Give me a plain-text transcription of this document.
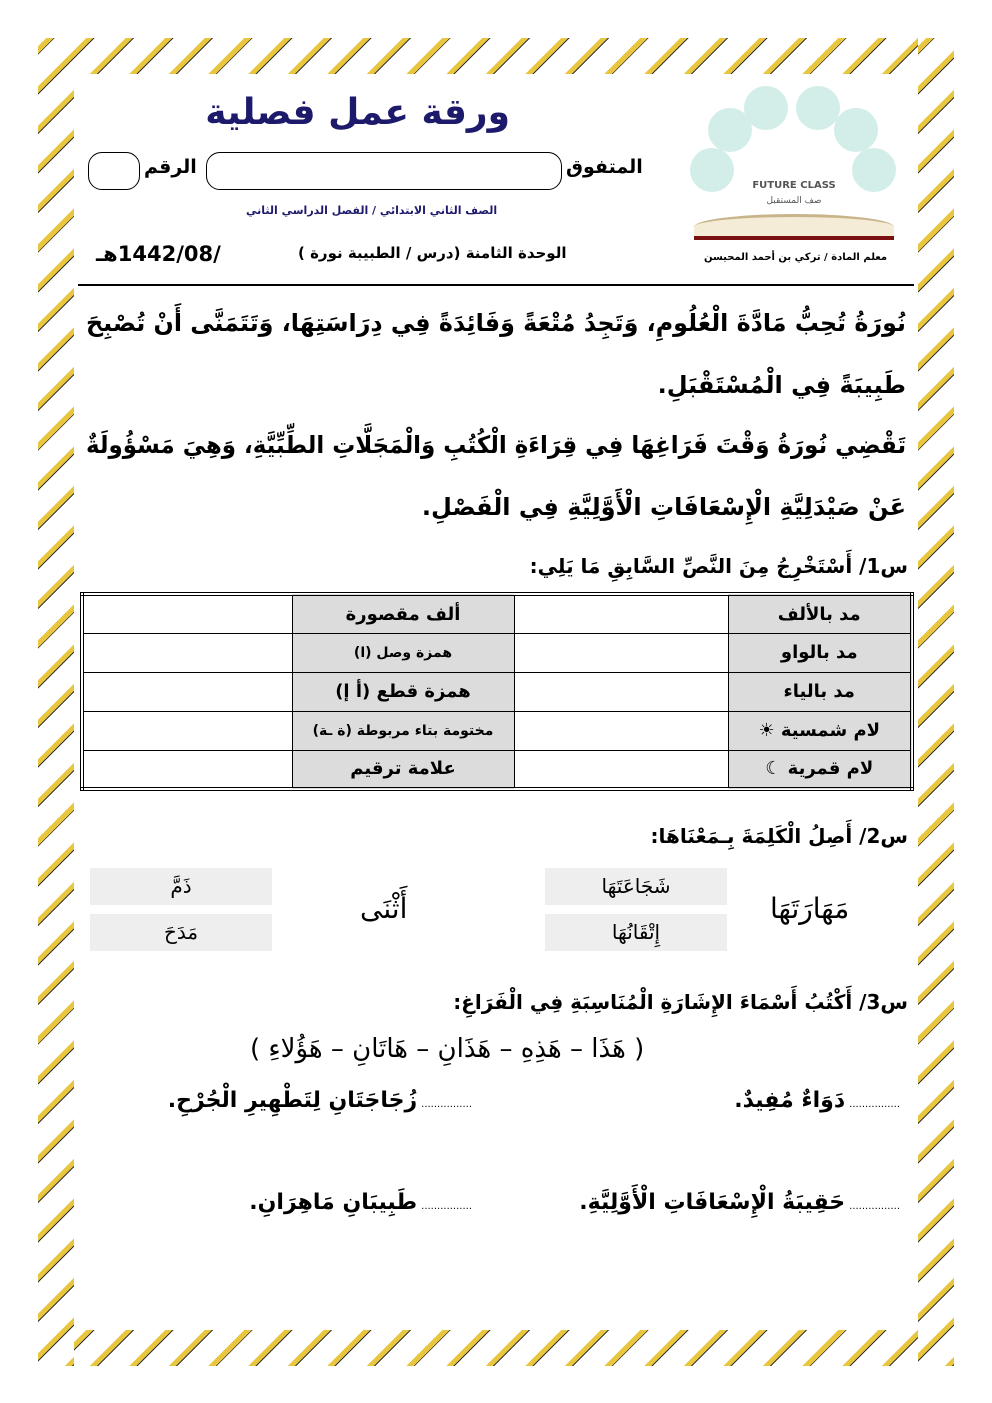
ورقة عمل فصلية
FUTURE CLASS
صف المستقبل
المتفوق
الرقم
الصف الثاني الابتدائي / الفصل الدراسي الثاني
الوحدة الثامنة (درس / الطبيبة نورة )
/1442/08هـ	معلم المادة / تركي بن أحمد المحيسن
نُورَةُ تُحِبُّ مَادَّةَ الْعُلُومِ، وَتَجِدُ مُتْعَةً وَفَائِدَةً فِي دِرَاسَتِهَا، وَتَتَمَنَّى أَنْ تُصْبِحَ
طَبِيبَةً فِي الْمُسْتَقْبَلِ.
تَقْضِي نُورَةُ وَقْتَ فَرَاغِهَا فِي قِرَاءَةِ الْكُتُبِ وَالْمَجَلَّاتِ الطِّبِّيَّةِ، وَهِيَ مَسْؤُولَةٌ
عَنْ صَيْدَلِيَّةِ الْإِسْعَافَاتِ الْأَوَّلِيَّةِ فِي الْفَصْلِ.
س1/ أَسْتَخْرِجُ مِنَ النَّصِّ السَّابِقِ مَا يَلِي:
مد بالألف		ألف مقصورة	
مد بالواو		همزة وصل (ا)	
مد بالياء		همزة قطع (أ إ)	
لام شمسية ☀		مختومة بتاء مربوطة (ة ـة)	
لام قمرية ☾		علامة ترقيم	
س2/ أَصِلُ الْكَلِمَةَ بِـمَعْنَاهَا:
مَهَارَتَهَا
شَجَاعَتَهَا
إِتْقَانُهَا
أَثْنَى
ذَمَّ
مَدَحَ
س3/ أَكْتُبُ أَسْمَاءَ الإِشَارَةِ الْمُنَاسِبَةِ فِي الْفَرَاغِ:
( هَذَا – هَذِهِ – هَذَانِ – هَاتَانِ – هَؤُلاءِ )
................
دَوَاءٌ مُفِيدٌ.
................
زُجَاجَتَانِ لِتَطْهِيرِ الْجُرْحِ.
................
حَقِيبَةُ الْإِسْعَافَاتِ الْأَوَّلِيَّةِ.
................
طَبِيبَانِ مَاهِرَانِ.
